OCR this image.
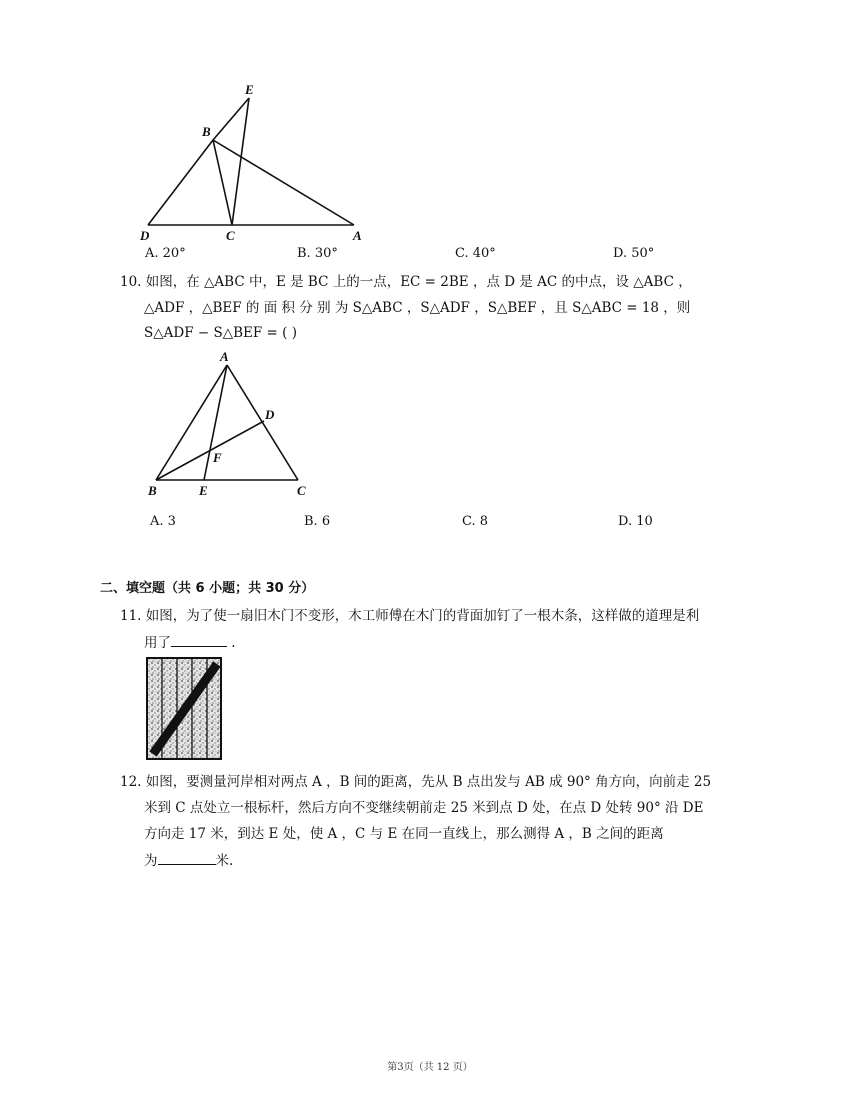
E
B
D	C	A
A. 20°	B. 30°	C. 40°	D. 50°
10. 如图，在 △ABC 中，E 是 BC 上的一点，EC = 2BE ，点 D 是 AC 的中点，设 △ABC ，
△ADF ，△BEF 的 面 积 分 别 为 S△ABC ，S△ADF ，S△BEF ，且 S△ABC = 18 ，则
S△ADF − S△BEF = ( )
A
D
F
B	E	C
A. 3	B. 6	C. 8	D. 10
二、填空题（共 6 小题；共 30 分）
11. 如图，为了使一扇旧木门不变形，木工师傅在木门的背面加钉了一根木条，这样做的道理是利
用了	.
12. 如图，要测量河岸相对两点 A ，B 间的距离，先从 B 点出发与 AB 成 90° 角方向，向前走 25
米到 C 点处立一根标杆，然后方向不变继续朝前走 25 米到点 D 处，在点 D 处转 90° 沿 DE
方向走 17 米，到达 E 处，使 A ，C 与 E 在同一直线上，那么测得 A ，B 之间的距离
为	米.
第3页（共 12 页）
